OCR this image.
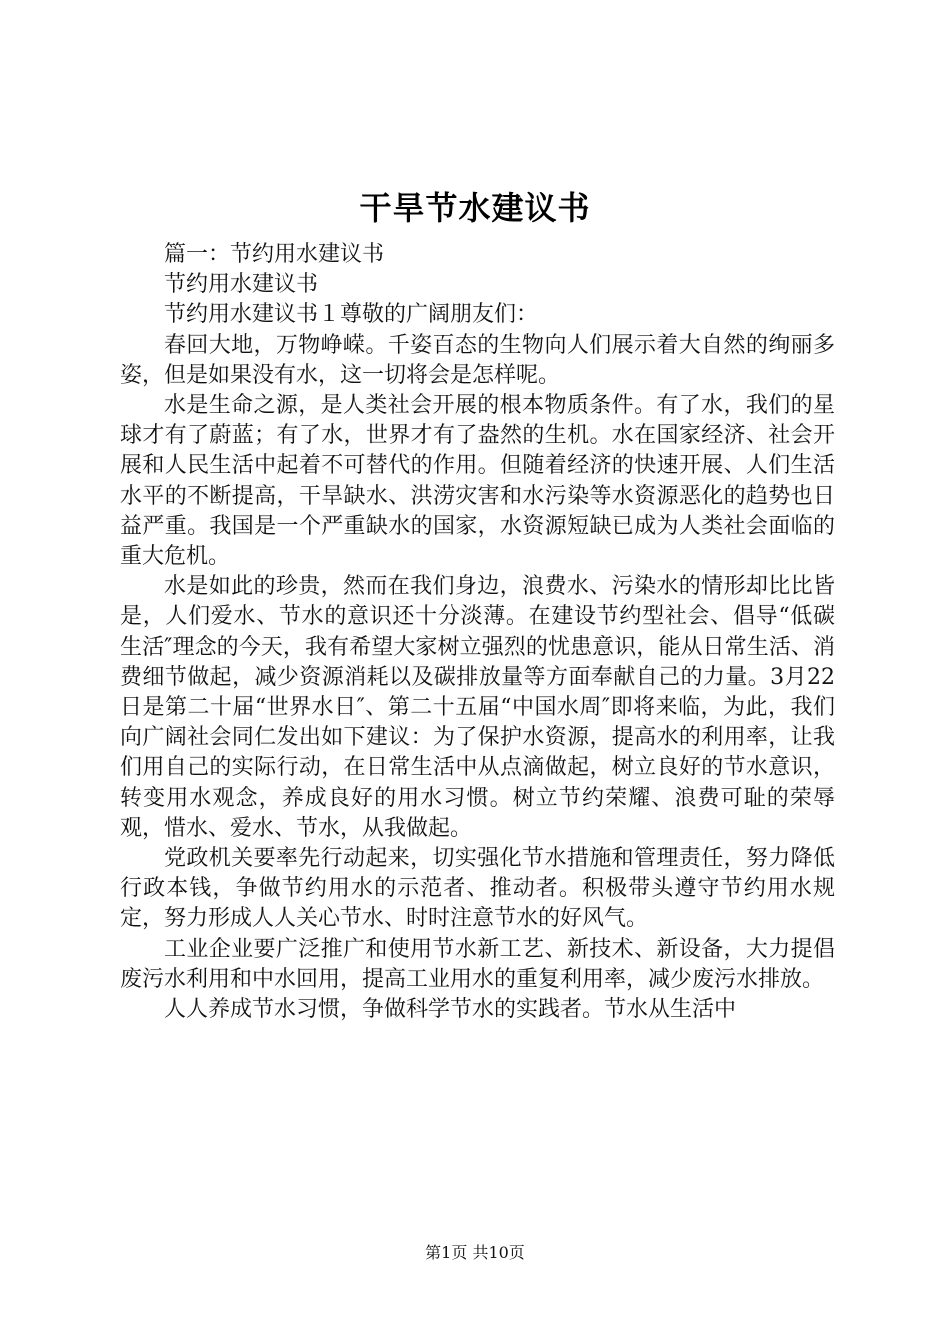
干旱节水建议书

篇一：节约用水建议书

节约用水建议书

节约用水建议书１尊敬的广阔朋友们：

春回大地，万物峥嵘。千姿百态的生物向人们展示着大自然的绚丽多姿，但是如果没有水，这一切将会是怎样呢。

水是生命之源，是人类社会开展的根本物质条件。有了水，我们的星球才有了蔚蓝；有了水，世界才有了盎然的生机。水在国家经济、社会开展和人民生活中起着不可替代的作用。但随着经济的快速开展、人们生活水平的不断提高，干旱缺水、洪涝灾害和水污染等水资源恶化的趋势也日益严重。我国是一个严重缺水的国家，水资源短缺已成为人类社会面临的重大危机。

水是如此的珍贵，然而在我们身边，浪费水、污染水的情形却比比皆是，人们爱水、节水的意识还十分淡薄。在建设节约型社会、倡导“低碳生活″理念的今天，我有希望大家树立强烈的忧患意识，能从日常生活、消费细节做起，减少资源消耗以及碳排放量等方面奉献自己的力量。3月22日是第二十届“世界水日″、第二十五届“中国水周″即将来临，为此，我们向广阔社会同仁发出如下建议：为了保护水资源，提高水的利用率，让我们用自己的实际行动，在日常生活中从点滴做起，树立良好的节水意识，转变用水观念，养成良好的用水习惯。树立节约荣耀、浪费可耻的荣辱观，惜水、爱水、节水，从我做起。

党政机关要率先行动起来，切实强化节水措施和管理责任，努力降低行政本钱，争做节约用水的示范者、推动者。积极带头遵守节约用水规定，努力形成人人关心节水、时时注意节水的好风气。

工业企业要广泛推广和使用节水新工艺、新技术、新设备，大力提倡废污水利用和中水回用，提高工业用水的重复利用率，减少废污水排放。

人人养成节水习惯，争做科学节水的实践者。节水从生活中

第1页 共10页
